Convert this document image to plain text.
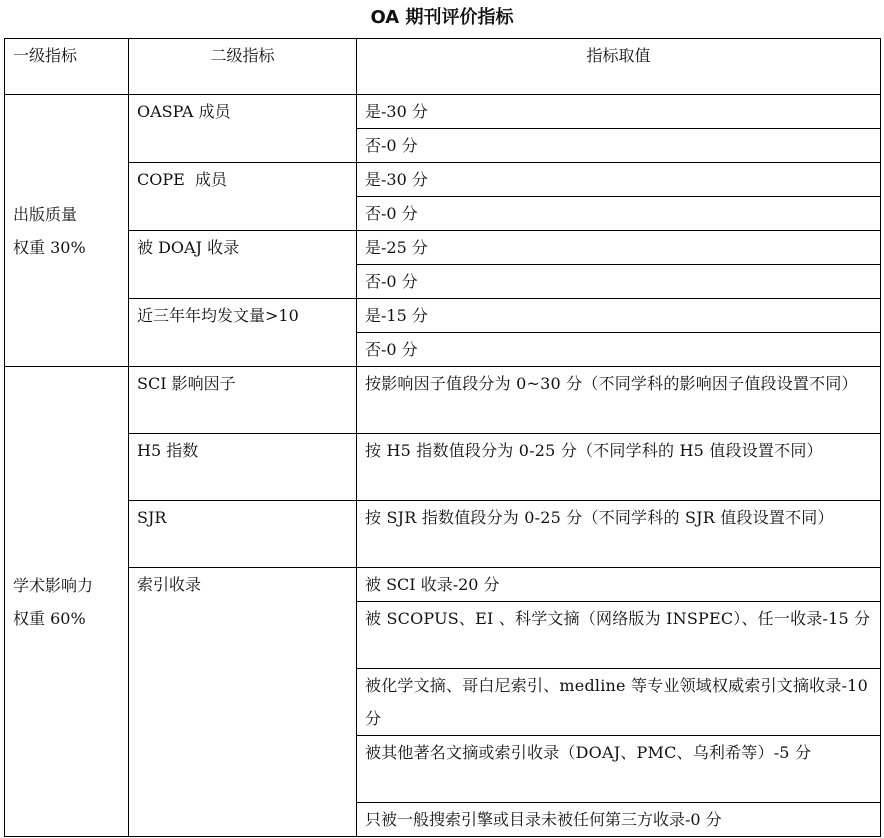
OA 期刊评价指标
一级指标	二级指标	指标取值

出版质量
权重 30%	OASPA 成员	是-30 分
		否-0 分
	COPE  成员	是-30 分
		否-0 分
	被 DOAJ 收录	是-25 分
		否-0 分
	近三年年均发文量>10	是-15 分
		否-0 分

学术影响力
权重 60%	SCI 影响因子	按影响因子值段分为 0~30 分（不同学科的影响因子值段设置不同）
	H5 指数	按 H5 指数值段分为 0-25 分（不同学科的 H5 值段设置不同）
	SJR	按 SJR 指数值段分为 0-25 分（不同学科的 SJR 值段设置不同）
	索引收录	被 SCI 收录-20 分
		被 SCOPUS、EI 、科学文摘（网络版为 INSPEC）、任一收录-15 分
		被化学文摘、哥白尼索引、medline 等专业领域权威索引文摘收录-10 分
		被其他著名文摘或索引收录（DOAJ、PMC、乌利希等）-5 分
		只被一般搜索引擎或目录未被任何第三方收录-0 分
